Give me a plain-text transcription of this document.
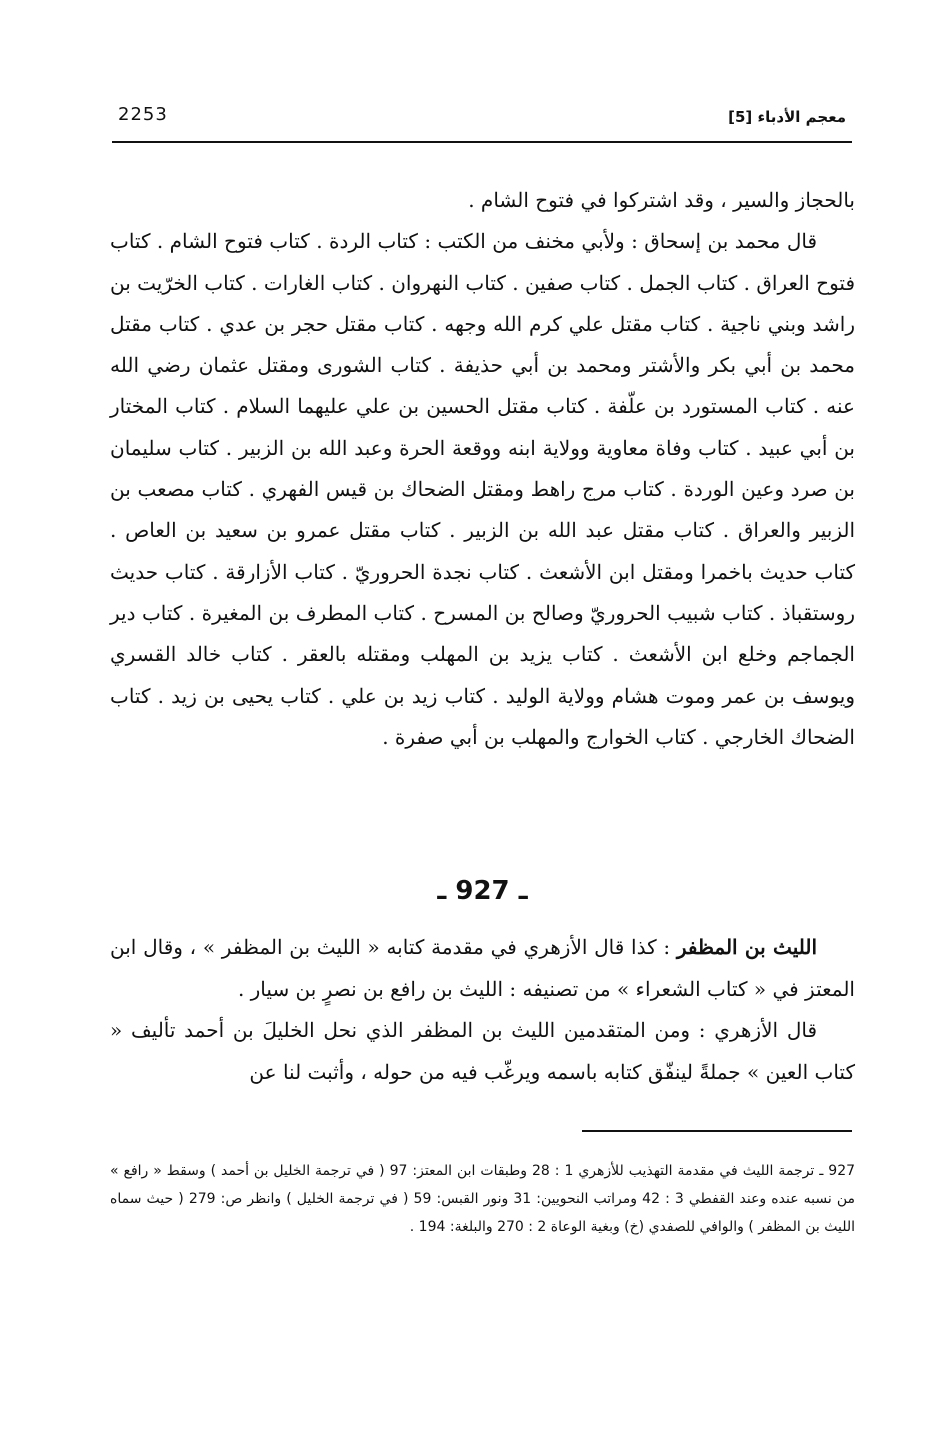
2253	معجم الأدباء [5]

بالحجاز والسير ، وقد اشتركوا في فتوح الشام .

قال محمد بن إسحاق : ولأبي مخنف من الكتب : كتاب الردة . كتاب فتوح الشام . كتاب فتوح العراق . كتاب الجمل . كتاب صفين . كتاب النهروان . كتاب الغارات . كتاب الخرّيت بن راشد وبني ناجية . كتاب مقتل علي كرم الله وجهه . كتاب مقتل حجر بن عدي . كتاب مقتل محمد بن أبي بكر والأشتر ومحمد بن أبي حذيفة . كتاب الشورى ومقتل عثمان رضي الله عنه . كتاب المستورد بن علّفة . كتاب مقتل الحسين بن علي عليهما السلام . كتاب المختار بن أبي عبيد . كتاب وفاة معاوية وولاية ابنه ووقعة الحرة وعبد الله بن الزبير . كتاب سليمان بن صرد وعين الوردة . كتاب مرج راهط ومقتل الضحاك بن قيس الفهري . كتاب مصعب بن الزبير والعراق . كتاب مقتل عبد الله بن الزبير . كتاب مقتل عمرو بن سعيد بن العاص . كتاب حديث باخمرا ومقتل ابن الأشعث . كتاب نجدة الحروريّ . كتاب الأزارقة . كتاب حديث روستقباذ . كتاب شبيب الحروريّ وصالح بن المسرح . كتاب المطرف بن المغيرة . كتاب دير الجماجم وخلع ابن الأشعث . كتاب يزيد بن المهلب ومقتله بالعقر . كتاب خالد القسري ويوسف بن عمر وموت هشام وولاية الوليد . كتاب زيد بن علي . كتاب يحيى بن زيد . كتاب الضحاك الخارجي . كتاب الخوارج والمهلب بن أبي صفرة .

ـ 927 ـ

الليث بن المظفر : كذا قال الأزهري في مقدمة كتابه « الليث بن المظفر » ، وقال ابن المعتز في « كتاب الشعراء » من تصنيفه : الليث بن رافع بن نصرٍ بن سيار .

قال الأزهري : ومن المتقدمين الليث بن المظفر الذي نحل الخليلَ بن أحمد تأليف « كتاب العين » جملةً لينفّق كتابه باسمه ويرغّب فيه من حوله ، وأثبت لنا عن

927 ـ ترجمة الليث في مقدمة التهذيب للأزهري 1 : 28 وطبقات ابن المعتز: 97 ( في ترجمة الخليل بن أحمد ) وسقط « رافع » من نسبه عنده وعند القفطي 3 : 42 ومراتب النحويين: 31 ونور القبس: 59 ( في ترجمة الخليل ) وانظر ص: 279 ( حيث سماه الليث بن المظفر ) والوافي للصفدي (خ) وبغية الوعاة 2 : 270 والبلغة: 194 .
